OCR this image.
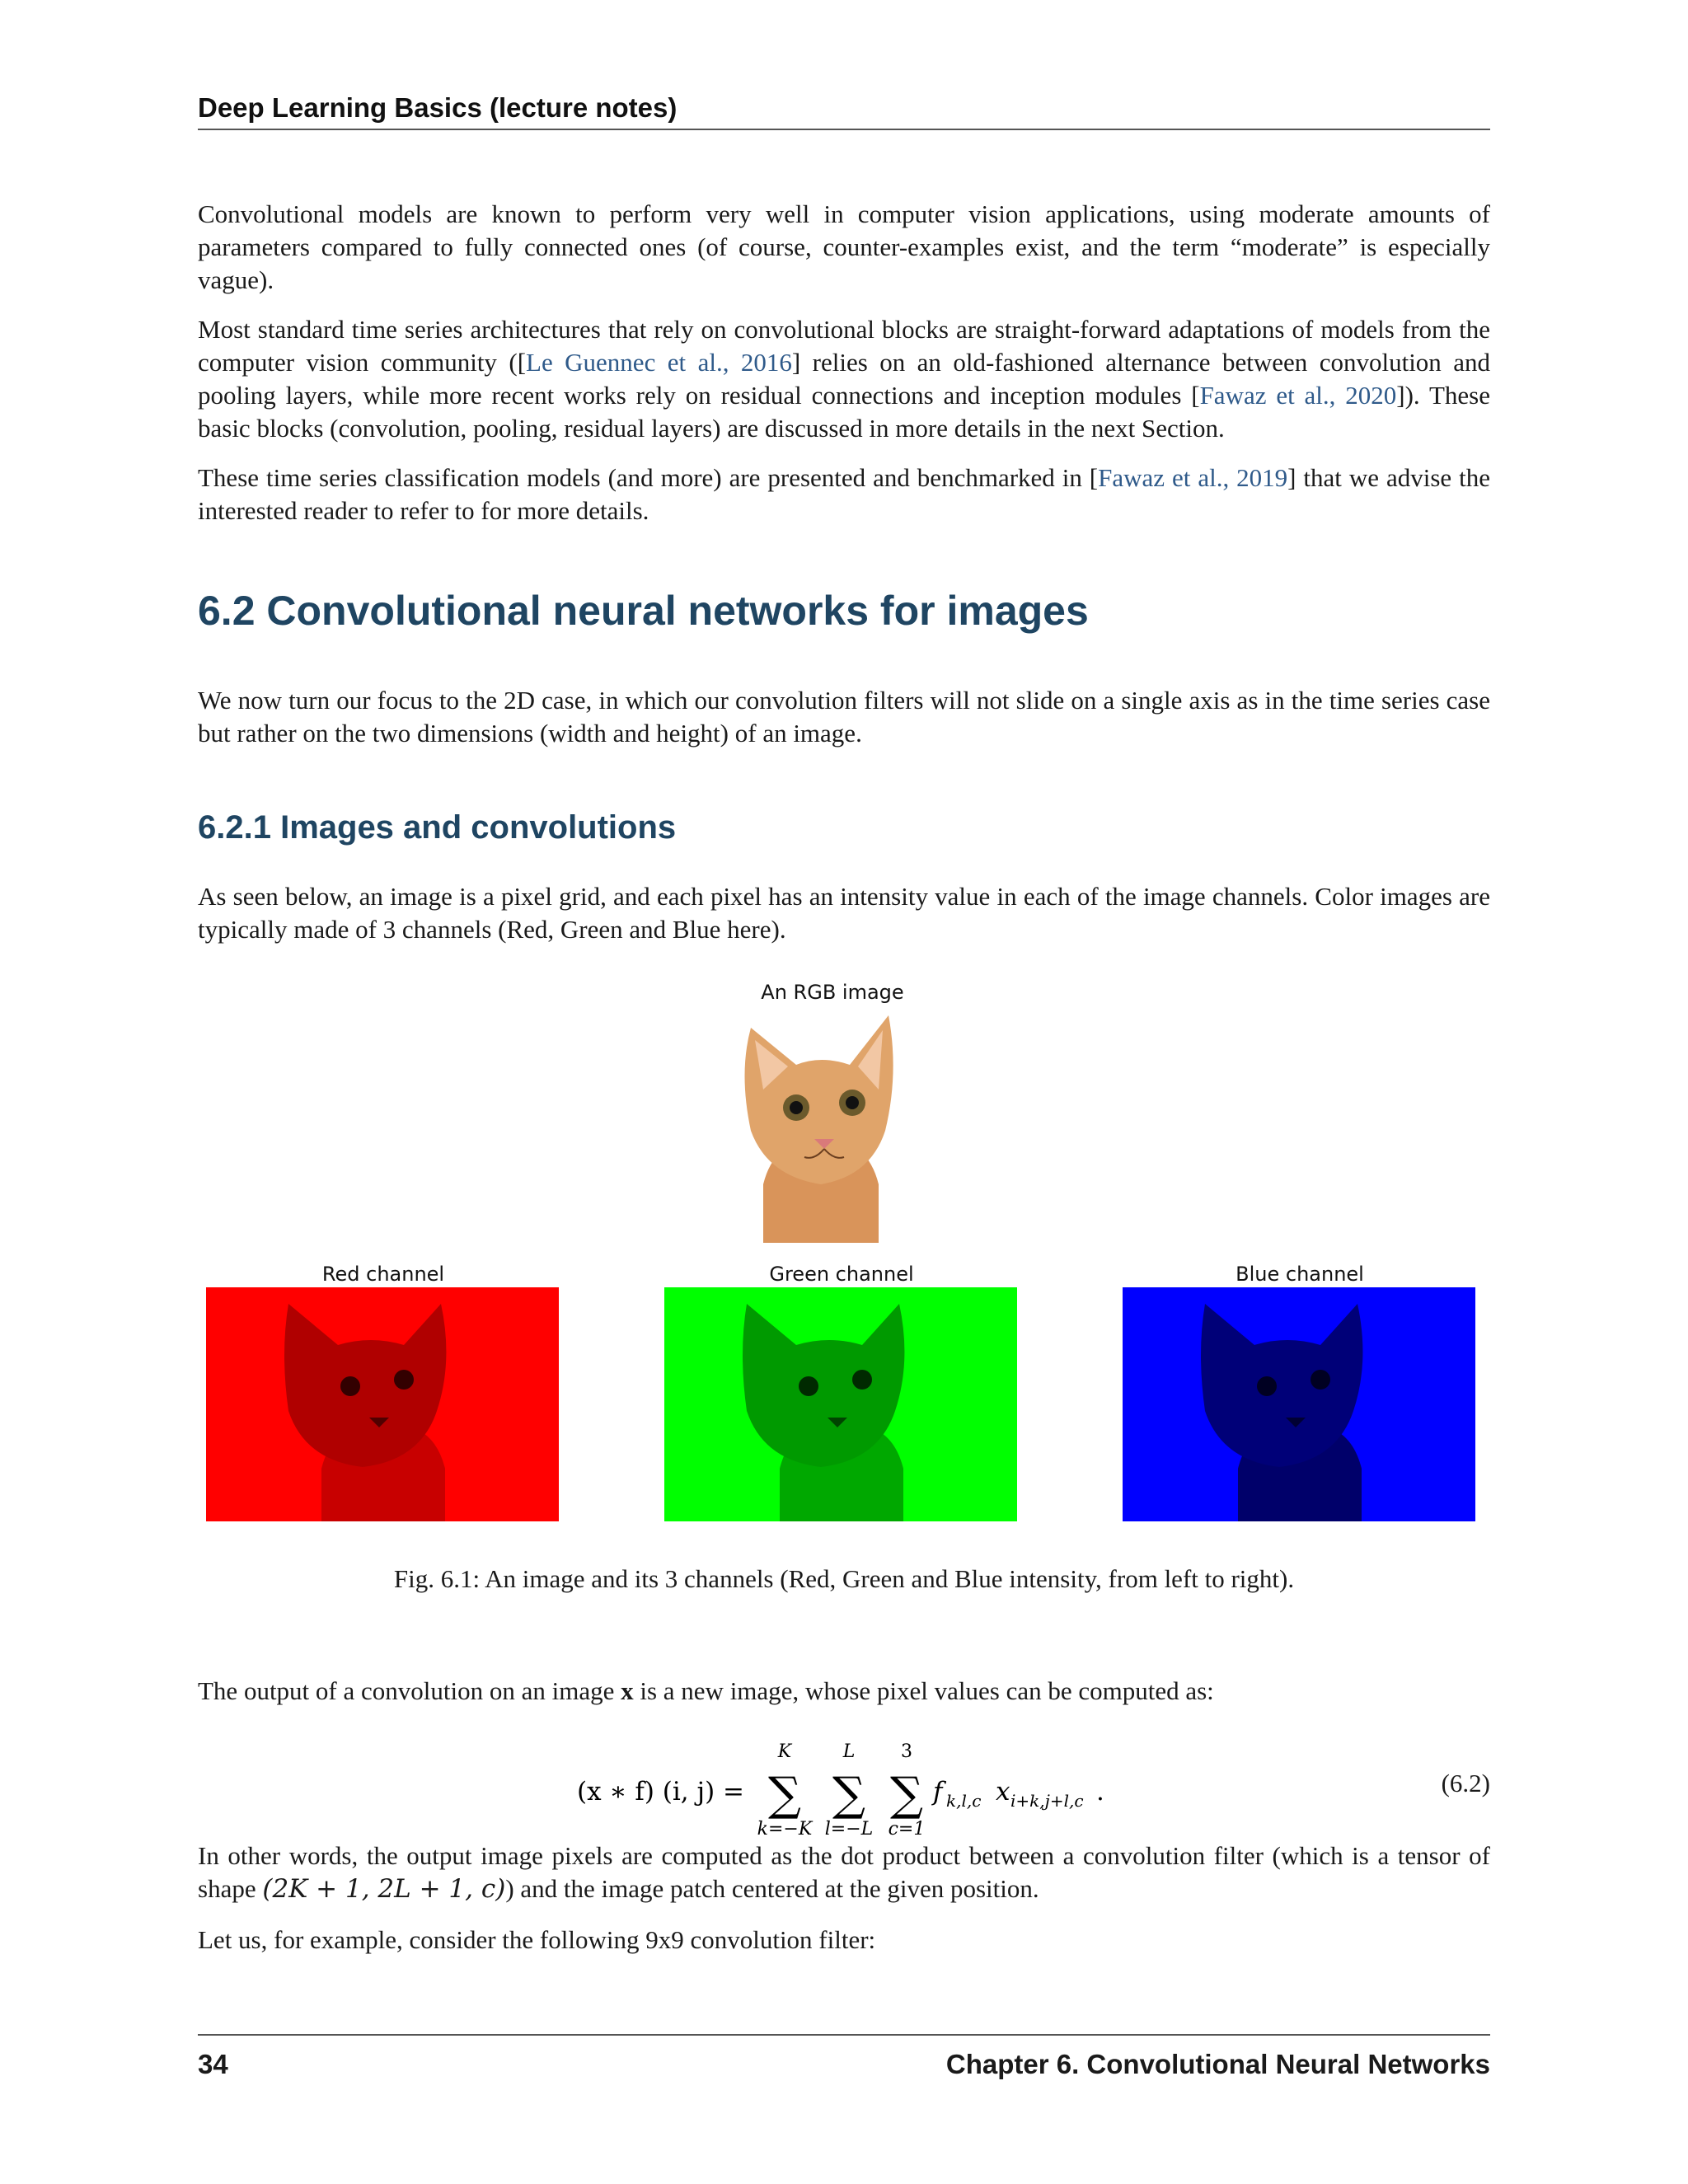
Deep Learning Basics (lecture notes)

Convolutional models are known to perform very well in computer vision applications, using moderate amounts of parameters compared to fully connected ones (of course, counter-examples exist, and the term “moderate” is especially vague).

Most standard time series architectures that rely on convolutional blocks are straight-forward adaptations of models from the computer vision community ([Le Guennec et al., 2016] relies on an old-fashioned alternance between convolution and pooling layers, while more recent works rely on residual connections and inception modules [Fawaz et al., 2020]). These basic blocks (convolution, pooling, residual layers) are discussed in more details in the next Section.

These time series classification models (and more) are presented and benchmarked in [Fawaz et al., 2019] that we advise the interested reader to refer to for more details.

6.2 Convolutional neural networks for images

We now turn our focus to the 2D case, in which our convolution filters will not slide on a single axis as in the time series case but rather on the two dimensions (width and height) of an image.

6.2.1 Images and convolutions

As seen below, an image is a pixel grid, and each pixel has an intensity value in each of the image channels. Color images are typically made of 3 channels (Red, Green and Blue here).

An RGB image
Red channel	Green channel	Blue channel
Fig. 6.1: An image and its 3 channels (Red, Green and Blue intensity, from left to right).

The output of a convolution on an image x is a new image, whose pixel values can be computed as:

(x ∗ f) (i, j) =
K
∑
k=−K
L
∑
l=−L
3
∑
c=1
f k,l,c x i+k,j+l,c .	(6.2)

In other words, the output image pixels are computed as the dot product between a convolution filter (which is a tensor of shape (2K + 1, 2L + 1, c)) and the image patch centered at the given position.

Let us, for example, consider the following 9x9 convolution filter:

34	Chapter 6. Convolutional Neural Networks
